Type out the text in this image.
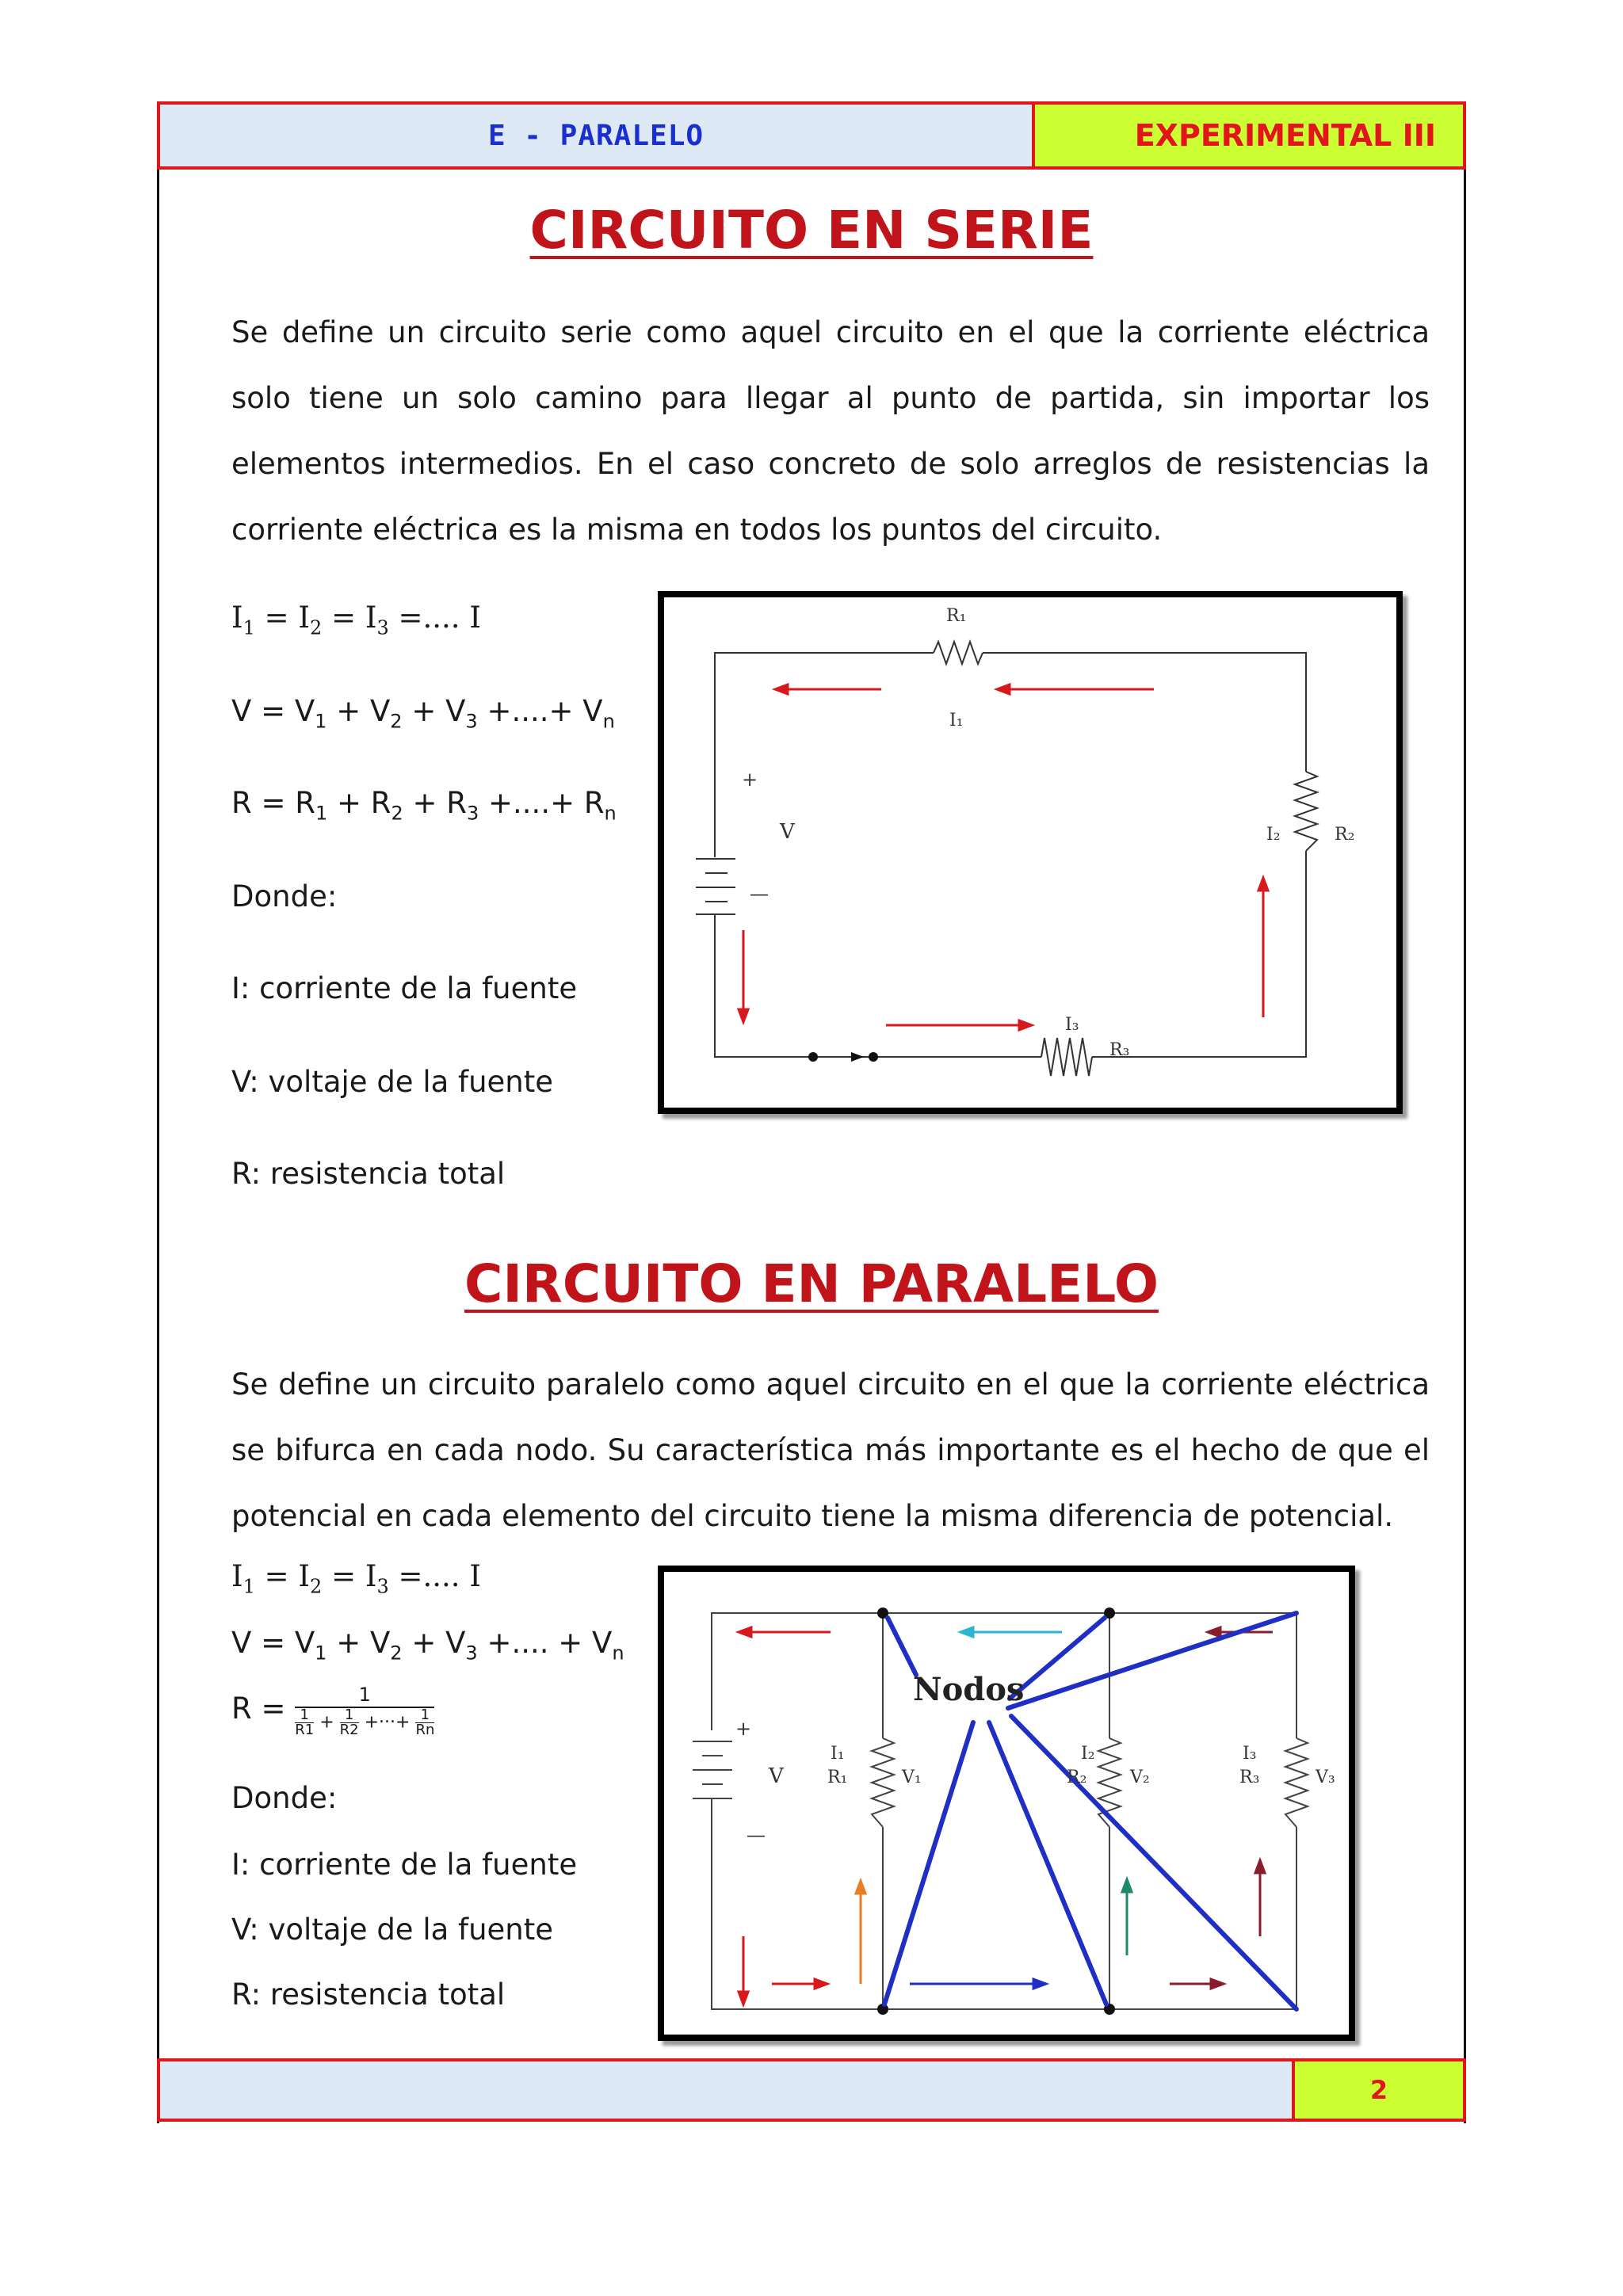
E - PARALELO	EXPERIMENTAL III
CIRCUITO EN SERIE
Se define un circuito serie como aquel circuito en el que la corriente eléctrica solo tiene un solo camino para llegar al punto de partida, sin importar los elementos intermedios. En el caso concreto de solo arreglos de resistencias la corriente eléctrica es la misma en todos los puntos del circuito.
$I_1 = I_2 = I_3$ =.... I
$V = V_1 + V_2 + V_3$ +....+ $V_n$
$R = R_1 + R_2 + R_3$ +....+ $R_n$
Donde:
I: corriente de la fuente
V: voltaje de la fuente
R: resistencia total
R₁
I₁
I₂	R₂
I₃
R₃
V
+
—
CIRCUITO EN PARALELO
Se define un circuito paralelo como aquel circuito en el que la corriente eléctrica se bifurca en cada nodo. Su característica más importante es el hecho de que el potencial en cada elemento del circuito tiene la misma diferencia de potencial.
$I_1 = I_2 = I_3$ =.... I
$V = V_1 + V_2 + V_3$ +.... + $V_n$
$R = \frac{1}{\frac{1}{R1} + \frac{1}{R2} +\cdot\cdot\cdot+ \frac{1}{Rn}}$
Donde:
I: corriente de la fuente
V: voltaje de la fuente
R: resistencia total
Nodos
V
+
—
I₁
R₁	V₁
I₂
R₂ V₂
I₃
R₃	V₃
2
